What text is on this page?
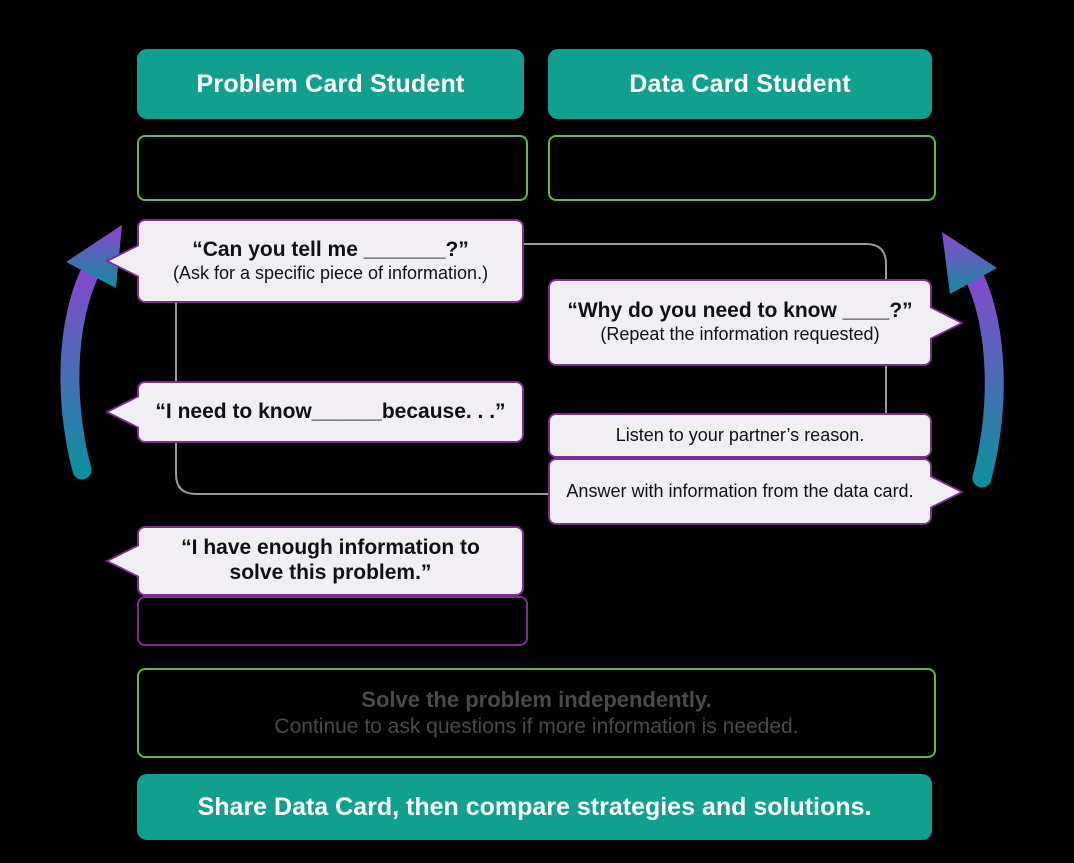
Problem Card Student	Data Card Student
“Can you tell me _______?”
(Ask for a specific piece of information.)
“Why do you need to know ____?”
(Repeat the information requested)
“I need to know______because. . .”
Listen to your partner’s reason.
Answer with information from the data card.
“I have enough information to solve this problem.”
Solve the problem independently.
Continue to ask questions if more information is needed.
Share Data Card, then compare strategies and solutions.
